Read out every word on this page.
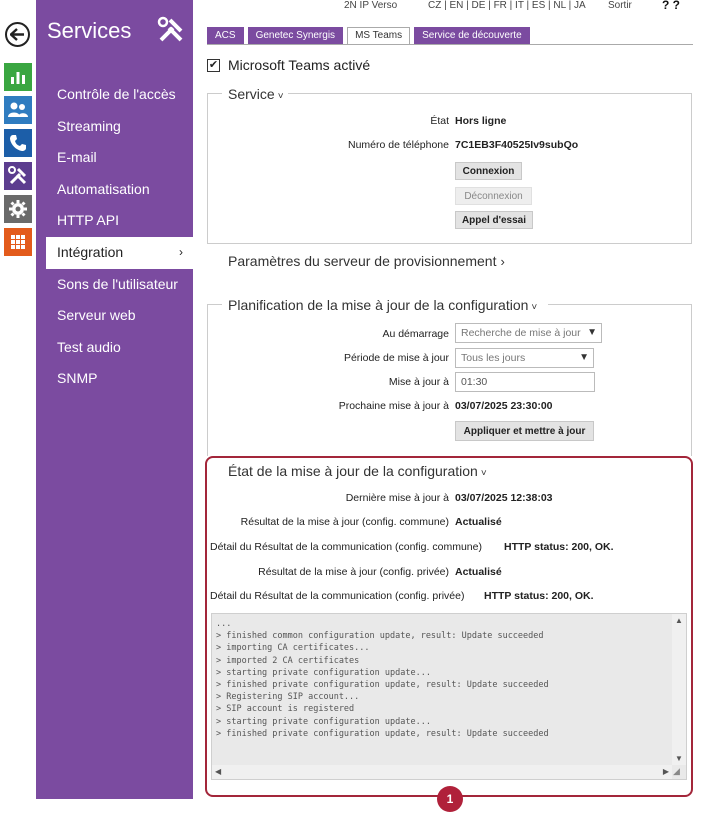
Services
Contrôle de l'accès
Streaming
E-mail
Automatisation
HTTP API
Intégration	›
Sons de l'utilisateur
Serveur web
Test audio
SNMP
2N IP Verso	CZ | EN | DE | FR | IT | ES | NL | JA Sortir	? ?
ACS	Genetec Synergis	MS Teams	Service de découverte
✔ Microsoft Teams activé
Service ˅
État Hors ligne
Numéro de téléphone 7C1EB3F40525Iv9subQo
Connexion
Déconnexion
Appel d'essai
Paramètres du serveur de provisionnement ›
Planification de la mise à jour de la configuration ˅
Au démarrage Recherche de mise à jour ▼
Période de mise à jour Tous les jours	▼
Mise à jour à	01:30
Prochaine mise à jour à 03/07/2025 23:30:00
Appliquer et mettre à jour
État de la mise à jour de la configuration ˅
Dernière mise à jour à 03/07/2025 12:38:03
Résultat de la mise à jour (config. commune) Actualisé
Détail du Résultat de la communication (config. commune) HTTP status: 200, OK.
Résultat de la mise à jour (config. privée) Actualisé
Détail du Résultat de la communication (config. privée) HTTP status: 200, OK.
...
> finished common configuration update, result: Update succeeded
> importing CA certificates...
> imported 2 CA certificates
> starting private configuration update...
> finished private configuration update, result: Update succeeded
> Registering SIP account...
> SIP account is registered
> starting private configuration update...
> finished private configuration update, result: Update succeeded
▲
▼
◀	▶ ◢
1
